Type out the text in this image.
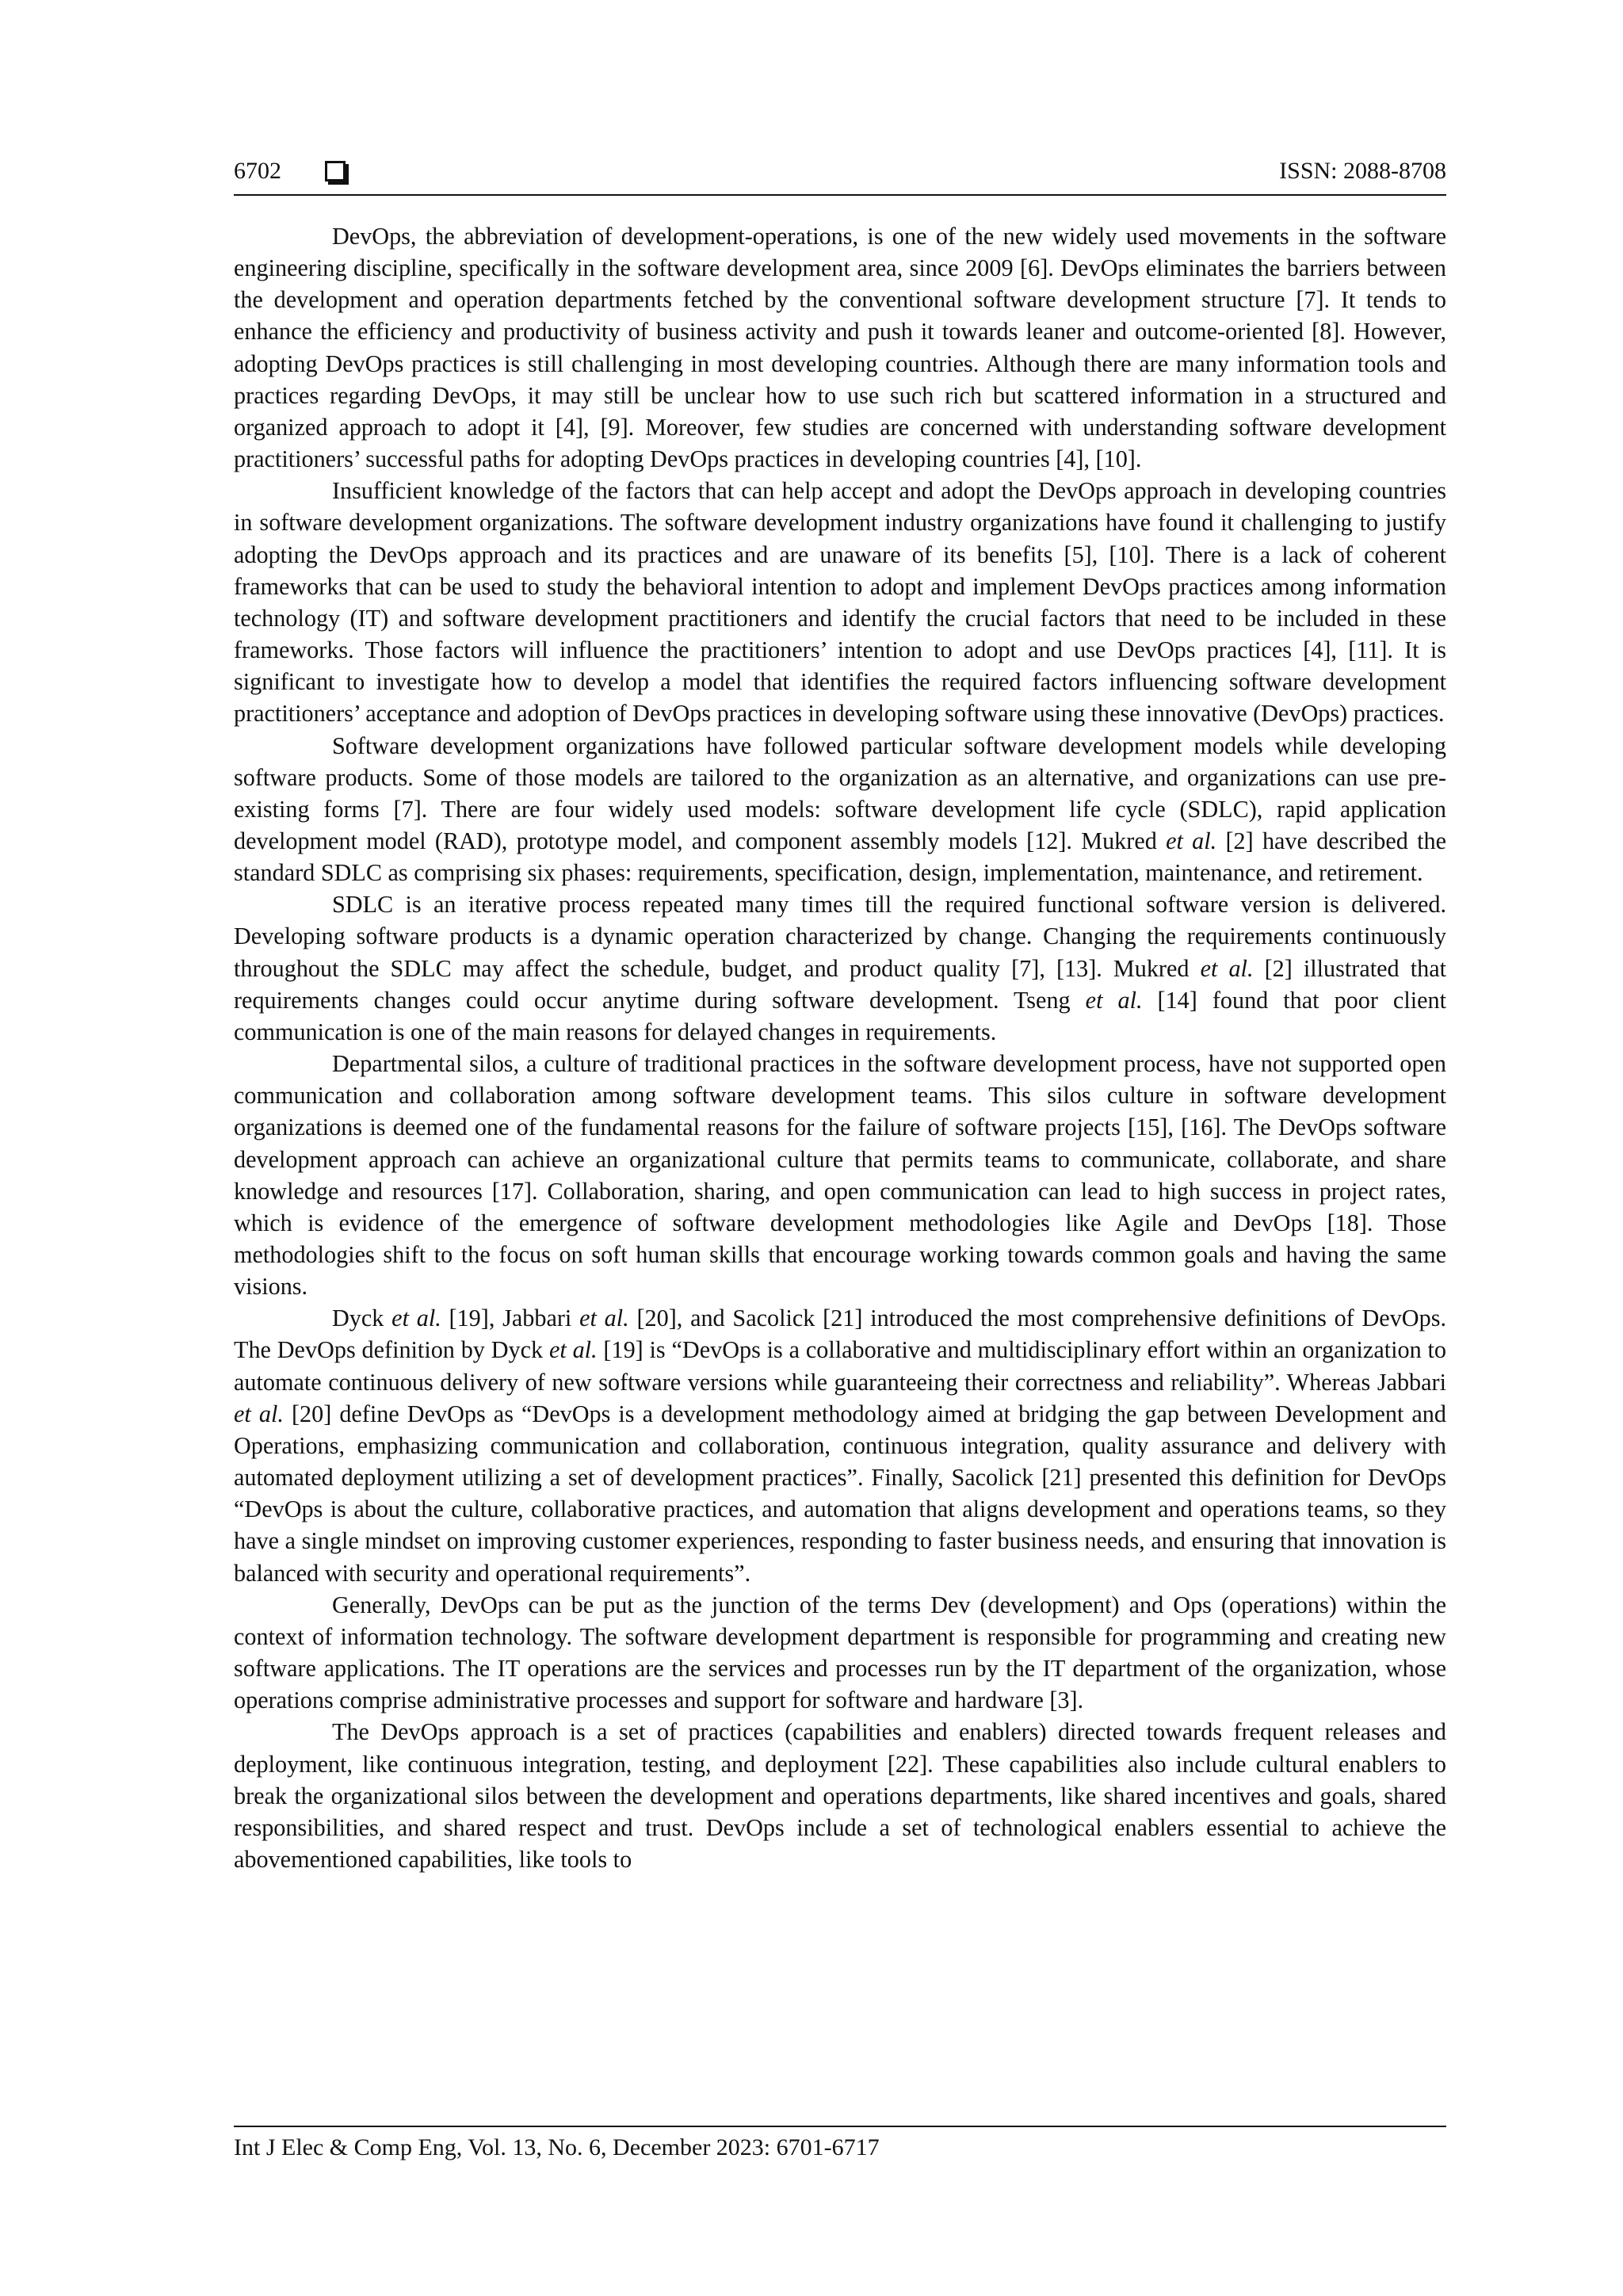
6702	ISSN: 2088-8708

DevOps, the abbreviation of development-operations, is one of the new widely used movements in the software engineering discipline, specifically in the software development area, since 2009 [6]. DevOps eliminates the barriers between the development and operation departments fetched by the conventional software development structure [7]. It tends to enhance the efficiency and productivity of business activity and push it towards leaner and outcome-oriented [8]. However, adopting DevOps practices is still challenging in most developing countries. Although there are many information tools and practices regarding DevOps, it may still be unclear how to use such rich but scattered information in a structured and organized approach to adopt it [4], [9]. Moreover, few studies are concerned with understanding software development practitioners’ successful paths for adopting DevOps practices in developing countries [4], [10].

Insufficient knowledge of the factors that can help accept and adopt the DevOps approach in developing countries in software development organizations. The software development industry organizations have found it challenging to justify adopting the DevOps approach and its practices and are unaware of its benefits [5], [10]. There is a lack of coherent frameworks that can be used to study the behavioral intention to adopt and implement DevOps practices among information technology (IT) and software development practitioners and identify the crucial factors that need to be included in these frameworks. Those factors will influence the practitioners’ intention to adopt and use DevOps practices [4], [11]. It is significant to investigate how to develop a model that identifies the required factors influencing software development practitioners’ acceptance and adoption of DevOps practices in developing software using these innovative (DevOps) practices.

Software development organizations have followed particular software development models while developing software products. Some of those models are tailored to the organization as an alternative, and organizations can use pre-existing forms [7]. There are four widely used models: software development life cycle (SDLC), rapid application development model (RAD), prototype model, and component assembly models [12]. Mukred et al. [2] have described the standard SDLC as comprising six phases: requirements, specification, design, implementation, maintenance, and retirement.

SDLC is an iterative process repeated many times till the required functional software version is delivered. Developing software products is a dynamic operation characterized by change. Changing the requirements continuously throughout the SDLC may affect the schedule, budget, and product quality [7], [13]. Mukred et al. [2] illustrated that requirements changes could occur anytime during software development. Tseng et al. [14] found that poor client communication is one of the main reasons for delayed changes in requirements.

Departmental silos, a culture of traditional practices in the software development process, have not supported open communication and collaboration among software development teams. This silos culture in software development organizations is deemed one of the fundamental reasons for the failure of software projects [15], [16]. The DevOps software development approach can achieve an organizational culture that permits teams to communicate, collaborate, and share knowledge and resources [17]. Collaboration, sharing, and open communication can lead to high success in project rates, which is evidence of the emergence of software development methodologies like Agile and DevOps [18]. Those methodologies shift to the focus on soft human skills that encourage working towards common goals and having the same visions.

Dyck et al. [19], Jabbari et al. [20], and Sacolick [21] introduced the most comprehensive definitions of DevOps. The DevOps definition by Dyck et al. [19] is “DevOps is a collaborative and multidisciplinary effort within an organization to automate continuous delivery of new software versions while guaranteeing their correctness and reliability”. Whereas Jabbari et al. [20] define DevOps as “DevOps is a development methodology aimed at bridging the gap between Development and Operations, emphasizing communication and collaboration, continuous integration, quality assurance and delivery with automated deployment utilizing a set of development practices”. Finally, Sacolick [21] presented this definition for DevOps “DevOps is about the culture, collaborative practices, and automation that aligns development and operations teams, so they have a single mindset on improving customer experiences, responding to faster business needs, and ensuring that innovation is balanced with security and operational requirements”.

Generally, DevOps can be put as the junction of the terms Dev (development) and Ops (operations) within the context of information technology. The software development department is responsible for programming and creating new software applications. The IT operations are the services and processes run by the IT department of the organization, whose operations comprise administrative processes and support for software and hardware [3].

The DevOps approach is a set of practices (capabilities and enablers) directed towards frequent releases and deployment, like continuous integration, testing, and deployment [22]. These capabilities also include cultural enablers to break the organizational silos between the development and operations departments, like shared incentives and goals, shared responsibilities, and shared respect and trust. DevOps include a set of technological enablers essential to achieve the abovementioned capabilities, like tools to

Int J Elec & Comp Eng, Vol. 13, No. 6, December 2023: 6701-6717
